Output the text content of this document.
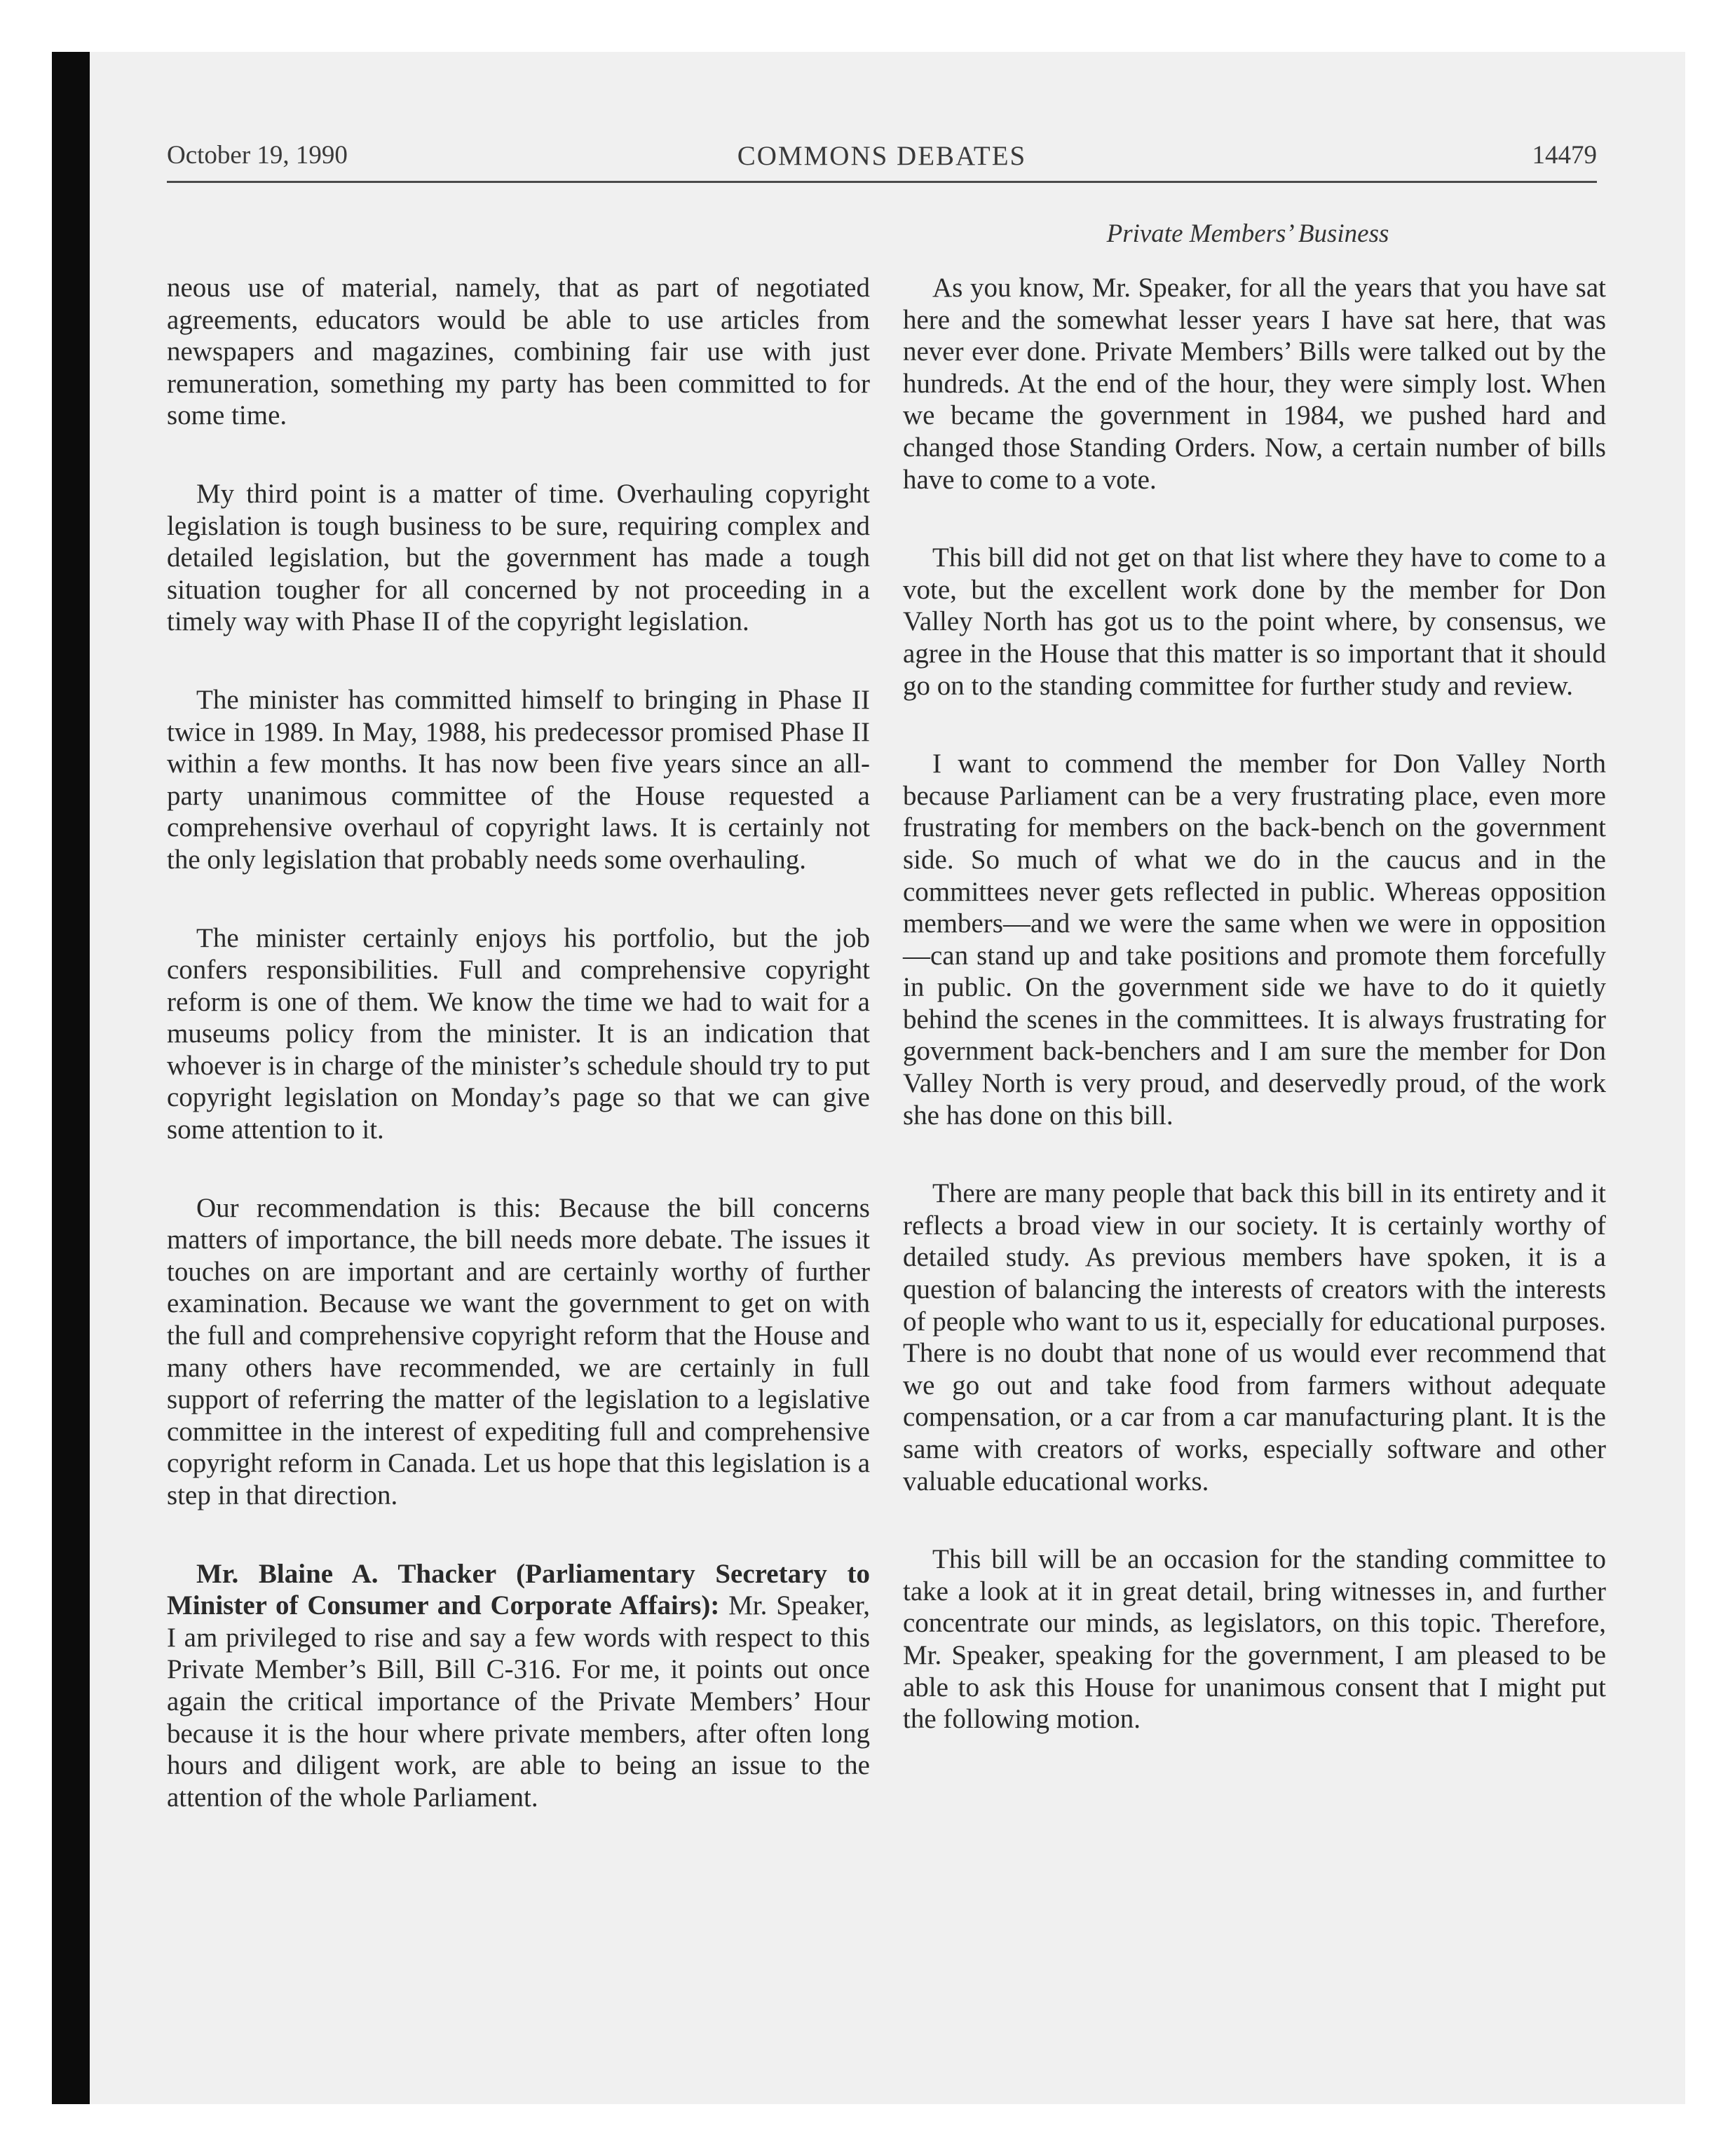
October 19, 1990	COMMONS DEBATES	14479
Private Members’ Business

neous use of material, namely, that as part of negotiated agreements, educators would be able to use articles from newspapers and magazines, combining fair use with just remuneration, something my party has been committed to for some time.

My third point is a matter of time. Overhauling copyright legislation is tough business to be sure, requiring complex and detailed legislation, but the government has made a tough situation tougher for all concerned by not proceeding in a timely way with Phase II of the copyright legislation.

The minister has committed himself to bringing in Phase II twice in 1989. In May, 1988, his predecessor promised Phase II within a few months. It has now been five years since an all-party unanimous committee of the House requested a comprehensive overhaul of copyright laws. It is certainly not the only legislation that probably needs some overhauling.

The minister certainly enjoys his portfolio, but the job confers responsibilities. Full and comprehensive copyright reform is one of them. We know the time we had to wait for a museums policy from the minister. It is an indication that whoever is in charge of the minister’s schedule should try to put copyright legislation on Monday’s page so that we can give some attention to it.

Our recommendation is this: Because the bill concerns matters of importance, the bill needs more debate. The issues it touches on are important and are certainly worthy of further examination. Because we want the government to get on with the full and comprehensive copyright reform that the House and many others have recommended, we are certainly in full support of referring the matter of the legislation to a legislative committee in the interest of expediting full and comprehensive copyright reform in Canada. Let us hope that this legislation is a step in that direction.

Mr. Blaine A. Thacker (Parliamentary Secretary to Minister of Consumer and Corporate Affairs): Mr. Speaker, I am privileged to rise and say a few words with respect to this Private Member’s Bill, Bill C-316. For me, it points out once again the critical importance of the Private Members’ Hour because it is the hour where private members, after often long hours and diligent work, are able to being an issue to the attention of the whole Parliament.

As you know, Mr. Speaker, for all the years that you have sat here and the somewhat lesser years I have sat here, that was never ever done. Private Members’ Bills were talked out by the hundreds. At the end of the hour, they were simply lost. When we became the government in 1984, we pushed hard and changed those Standing Orders. Now, a certain number of bills have to come to a vote.

This bill did not get on that list where they have to come to a vote, but the excellent work done by the member for Don Valley North has got us to the point where, by consensus, we agree in the House that this matter is so important that it should go on to the standing committee for further study and review.

I want to commend the member for Don Valley North because Parliament can be a very frustrating place, even more frustrating for members on the back-bench on the government side. So much of what we do in the caucus and in the committees never gets reflected in public. Whereas opposition members—and we were the same when we were in opposition—can stand up and take positions and promote them forcefully in public. On the government side we have to do it quietly behind the scenes in the committees. It is always frustrating for government back-benchers and I am sure the member for Don Valley North is very proud, and deservedly proud, of the work she has done on this bill.

There are many people that back this bill in its entirety and it reflects a broad view in our society. It is certainly worthy of detailed study. As previous members have spoken, it is a question of balancing the interests of creators with the interests of people who want to us it, especially for educational purposes. There is no doubt that none of us would ever recommend that we go out and take food from farmers without adequate compensation, or a car from a car manufacturing plant. It is the same with creators of works, especially software and other valuable educational works.

This bill will be an occasion for the standing committee to take a look at it in great detail, bring witnesses in, and further concentrate our minds, as legislators, on this topic. Therefore, Mr. Speaker, speaking for the government, I am pleased to be able to ask this House for unanimous consent that I might put the following motion.
